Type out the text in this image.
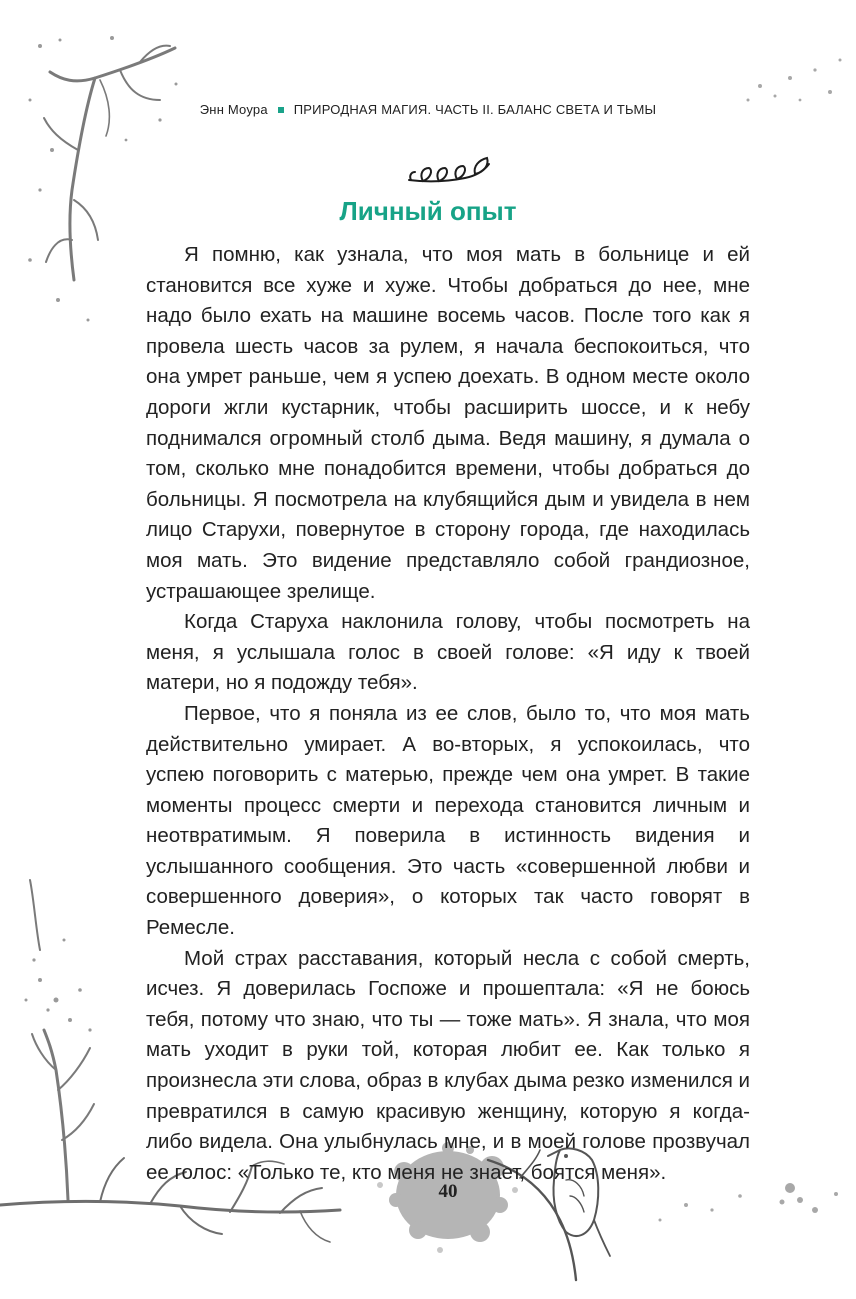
Энн Моура ПРИРОДНАЯ МАГИЯ. ЧАСТЬ II. БАЛАНС СВЕТА И ТЬМЫ
Личный опыт

Я помню, как узнала, что моя мать в больнице и ей становится все хуже и хуже. Чтобы добраться до нее, мне надо было ехать на машине восемь часов. После того как я провела шесть часов за рулем, я начала беспокоиться, что она умрет раньше, чем я успею доехать. В одном месте около дороги жгли кустарник, чтобы расширить шоссе, и к небу поднимался огромный столб дыма. Ведя машину, я думала о том, сколько мне понадобится времени, чтобы добраться до больницы. Я посмотрела на клубящийся дым и увидела в нем лицо Старухи, повернутое в сторону города, где находилась моя мать. Это видение представляло собой грандиозное, устрашающее зрелище.

Когда Старуха наклонила голову, чтобы посмотреть на меня, я услышала голос в своей голове: «Я иду к твоей матери, но я подожду тебя».

Первое, что я поняла из ее слов, было то, что моя мать действительно умирает. А во-вторых, я успокоилась, что успею поговорить с матерью, прежде чем она умрет. В такие моменты процесс смерти и перехода становится личным и неотвратимым. Я поверила в истинность видения и услышанного сообщения. Это часть «совершенной любви и совершенного доверия», о которых так часто говорят в Ремесле.

Мой страх расставания, который несла с собой смерть, исчез. Я доверилась Госпоже и прошептала: «Я не боюсь тебя, потому что знаю, что ты — тоже мать». Я знала, что моя мать уходит в руки той, которая любит ее. Как только я произнесла эти слова, образ в клубах дыма резко изменился и превратился в самую красивую женщину, которую я когда-либо видела. Она улыбнулась мне, и в моей голове прозвучал ее голос: «Только те, кто меня не знает, боятся меня».

40
